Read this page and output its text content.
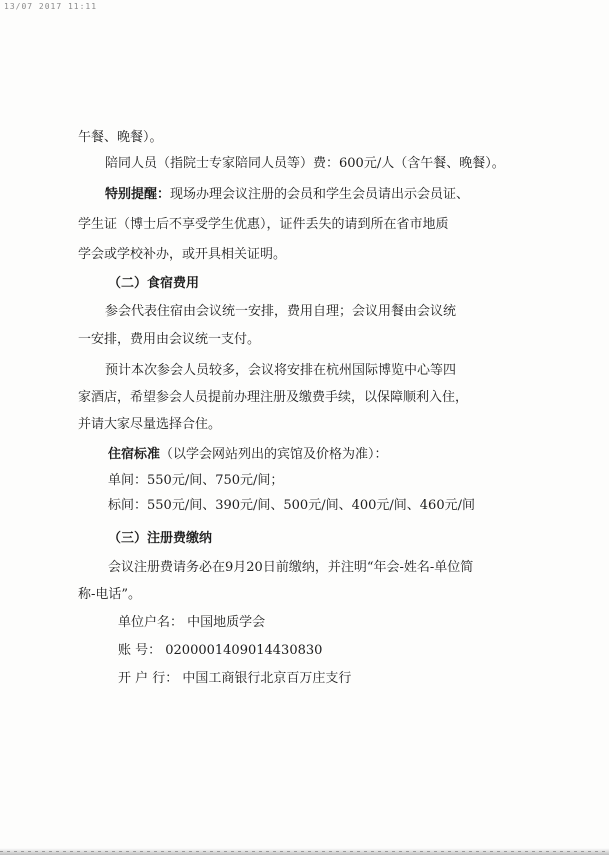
13/07 2017 11:11
午餐、晚餐）。
陪同人员（指院士专家陪同人员等）费：600元/人（含午餐、晚餐）。
特别提醒：现场办理会议注册的会员和学生会员请出示会员证、
学生证（博士后不享受学生优惠），证件丢失的请到所在省市地质
学会或学校补办，或开具相关证明。
（二）食宿费用
参会代表住宿由会议统一安排，费用自理；会议用餐由会议统
一安排，费用由会议统一支付。
预计本次参会人员较多，会议将安排在杭州国际博览中心等四
家酒店，希望参会人员提前办理注册及缴费手续，以保障顺利入住，
并请大家尽量选择合住。
住宿标准（以学会网站列出的宾馆及价格为准）：
单间：550元/间、750元/间；
标间：550元/间、390元/间、500元/间、400元/间、460元/间
（三）注册费缴纳
会议注册费请务必在9月20日前缴纳，并注明“年会-姓名-单位简
称-电话”。
单位户名： 中国地质学会
账 号： 0200001409014430830
开 户 行： 中国工商银行北京百万庄支行
